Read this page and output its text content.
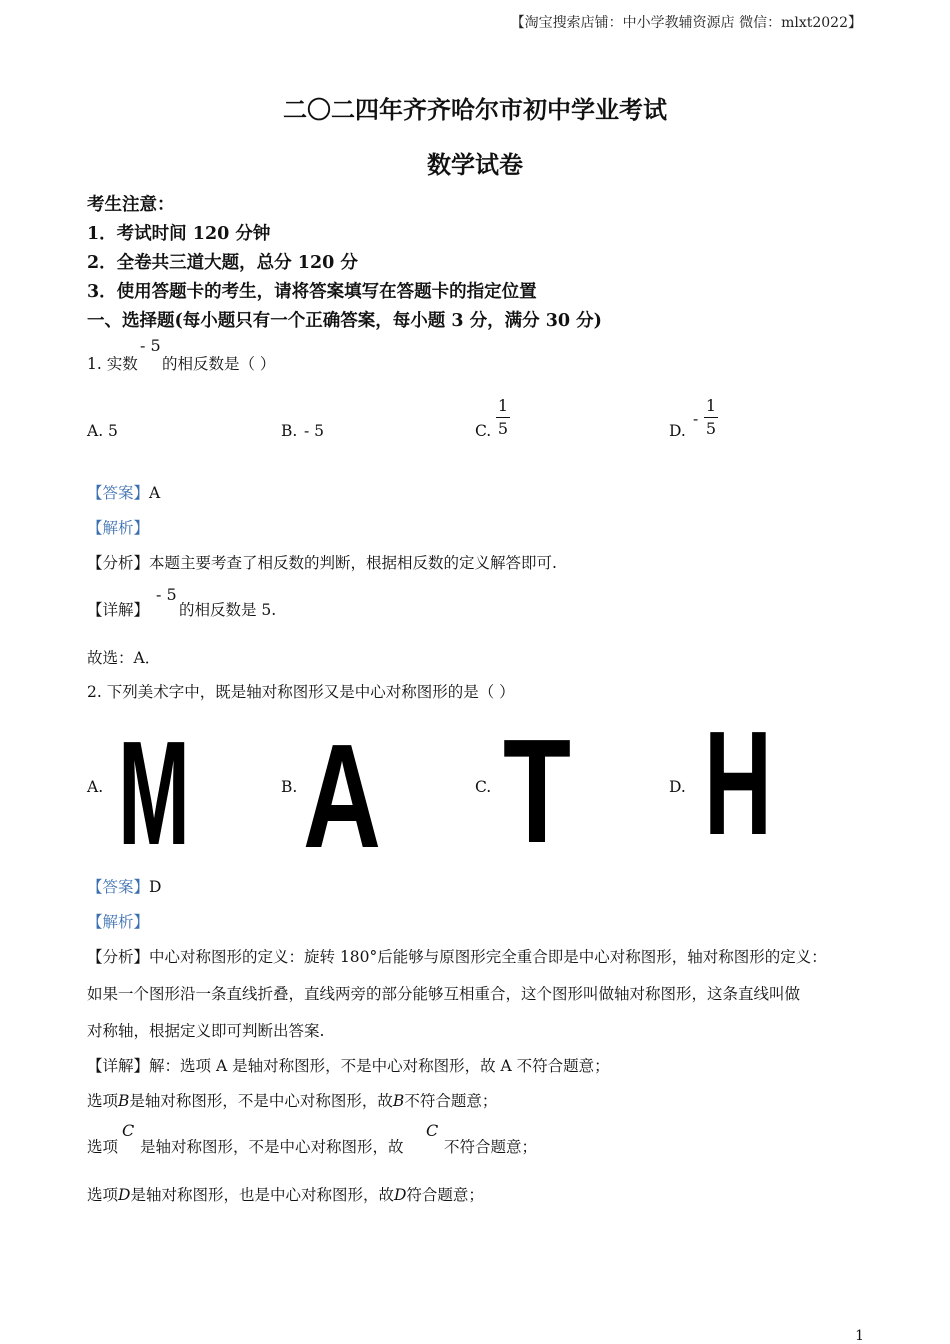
【淘宝搜索店铺：中小学教辅资源店 微信：mlxt2022】
二〇二四年齐齐哈尔市初中学业考试
数学试卷
考生注意：
1．考试时间 120 分钟
2．全卷共三道大题，总分 120 分
3．使用答题卡的考生，请将答案填写在答题卡的指定位置
一、选择题(每小题只有一个正确答案，每小题 3 分，满分 30 分)
1. 实数
- 5
的相反数是（ ）
A. 5	B. - 5	C.
1
5	D.
-
1
5
【答案】A
【解析】
【分析】本题主要考查了相反数的判断，根据相反数的定义解答即可.
【详解】
- 5
的相反数是 5.
故选：A．
2. 下列美术字中，既是轴对称图形又是中心对称图形的是（ ）
A. M	B. A	C. T	D. H
【答案】D
【解析】
【分析】中心对称图形的定义：旋转 180°后能够与原图形完全重合即是中心对称图形，轴对称图形的定义：
如果一个图形沿一条直线折叠，直线两旁的部分能够互相重合，这个图形叫做轴对称图形，这条直线叫做
对称轴，根据定义即可判断出答案.
【详解】解：选项 A 是轴对称图形，不是中心对称图形，故 A 不符合题意；
选项B是轴对称图形，不是中心对称图形，故B不符合题意；
选项
C
是轴对称图形，不是中心对称图形，故
C
不符合题意；
选项D是轴对称图形，也是中心对称图形，故D符合题意；
1
